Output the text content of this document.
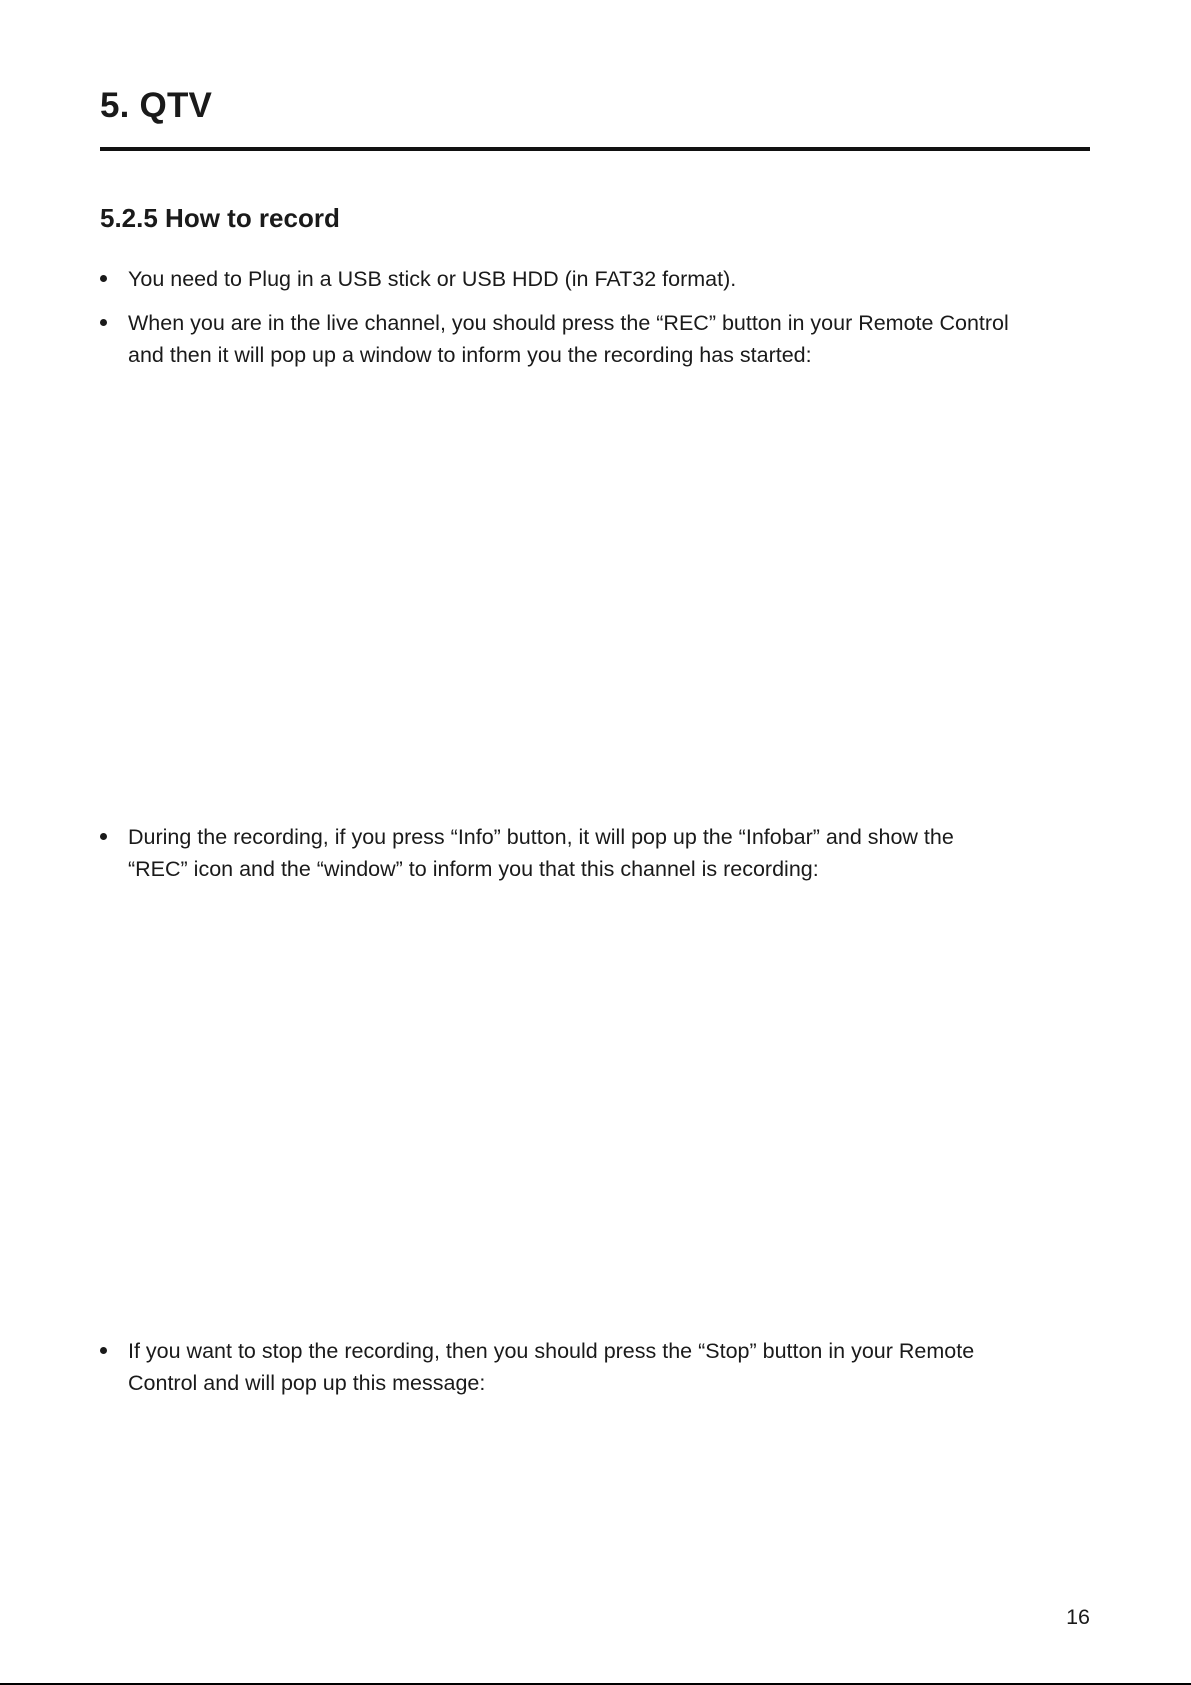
5. QTV
5.2.5 How to record
You need to Plug in a USB stick or USB HDD (in FAT32 format).
When you are in the live channel, you should press the “REC” button in your Remote Control
and then it will pop up a window to inform you the recording has started:
During the recording, if you press “Info” button, it will pop up the “Infobar” and show the
“REC” icon and the “window” to inform you that this channel is recording:
If you want to stop the recording, then you should press the “Stop” button in your Remote
Control and will pop up this message:
16
